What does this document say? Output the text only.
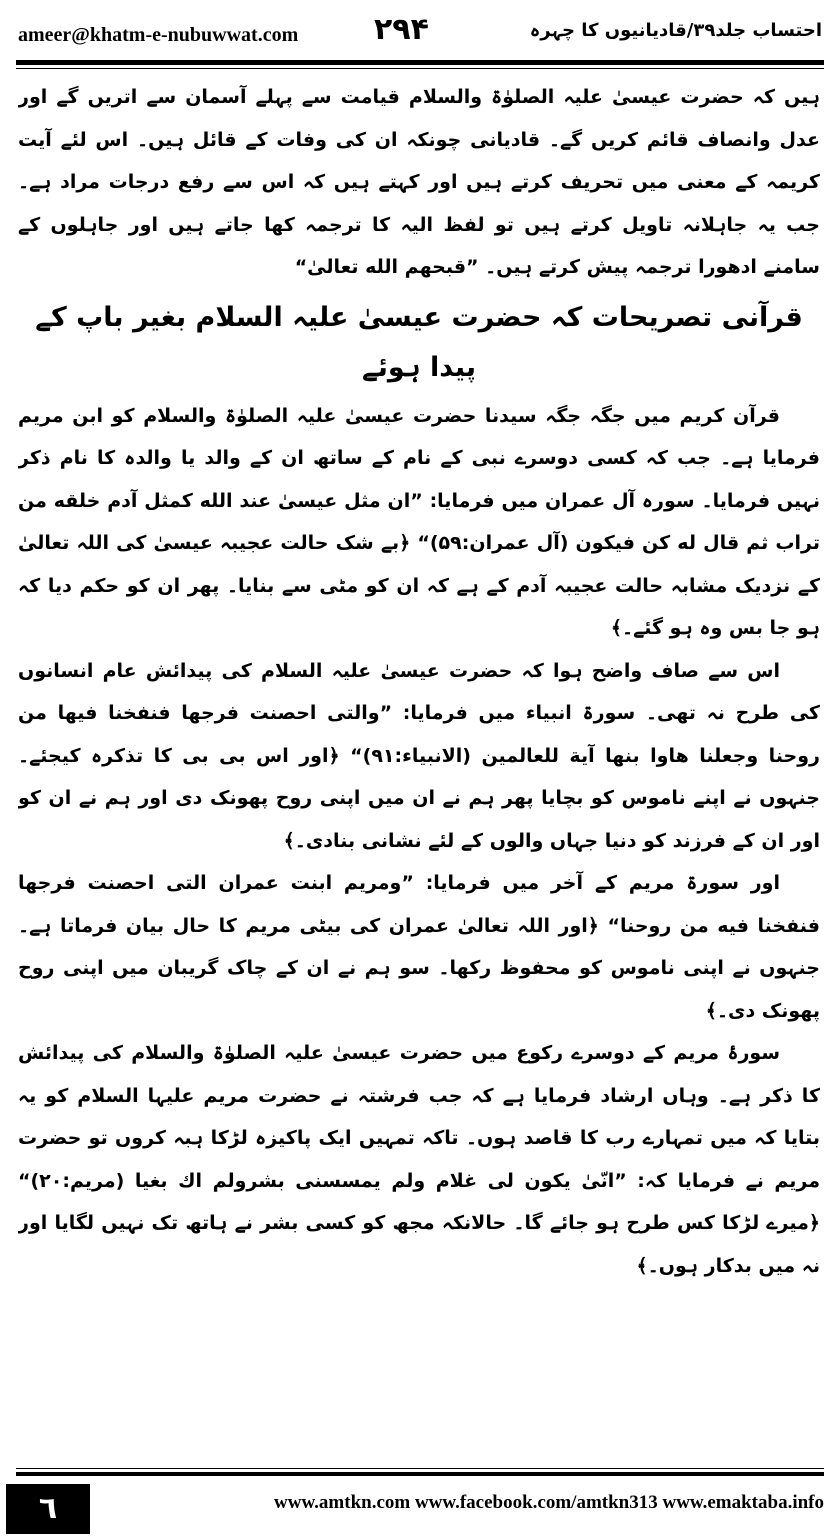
ameer@khatm-e-nubuwwat.com	۲۹۴	احتساب جلد۳۹/قادیانیوں کا چہرہ

ہیں کہ حضرت عیسیٰ علیہ الصلوٰۃ والسلام قیامت سے پہلے آسمان سے اتریں گے اور عدل وانصاف قائم کریں گے۔ قادیانی چونکہ ان کی وفات کے قائل ہیں۔ اس لئے آیت کریمہ کے معنی میں تحریف کرتے ہیں اور کہتے ہیں کہ اس سے رفع درجات مراد ہے۔ جب یہ جاہلانہ تاویل کرتے ہیں تو لفظ الیہ کا ترجمہ کھا جاتے ہیں اور جاہلوں کے سامنے ادھورا ترجمہ پیش کرتے ہیں۔ ”قبحهم الله تعالیٰ“

قرآنی تصریحات کہ حضرت عیسیٰ علیہ السلام بغیر باپ کے پیدا ہوئے

قرآن کریم میں جگہ جگہ سیدنا حضرت عیسیٰ علیہ الصلوٰۃ والسلام کو ابن مریم فرمایا ہے۔ جب کہ کسی دوسرے نبی کے نام کے ساتھ ان کے والد یا والدہ کا نام ذکر نہیں فرمایا۔ سورہ آل عمران میں فرمایا: ”ان مثل عیسیٰ عند الله کمثل آدم خلقه من تراب ثم قال له کن فیکون (آل عمران:۵۹)“ ﴿بے شک حالت عجیبہ عیسیٰ کی اللہ تعالیٰ کے نزدیک مشابہ حالت عجیبہ آدم کے ہے کہ ان کو مٹی سے بنایا۔ پھر ان کو حکم دیا کہ ہو جا بس وہ ہو گئے۔﴾

اس سے صاف واضح ہوا کہ حضرت عیسیٰ علیہ السلام کی پیدائش عام انسانوں کی طرح نہ تھی۔ سورۃ انبیاء میں فرمایا: ”والتی احصنت فرجها فنفخنا فیها من روحنا وجعلنا هاوا بنها آیة للعالمین (الانبیاء:۹۱)“ ﴿اور اس بی بی کا تذکرہ کیجئے۔ جنہوں نے اپنے ناموس کو بچایا پھر ہم نے ان میں اپنی روح پھونک دی اور ہم نے ان کو اور ان کے فرزند کو دنیا جہاں والوں کے لئے نشانی بنادی۔﴾

اور سورۃ مریم کے آخر میں فرمایا: ”ومریم ابنت عمران التی احصنت فرجها فنفخنا فیه من روحنا“ ﴿اور اللہ تعالیٰ عمران کی بیٹی مریم کا حال بیان فرماتا ہے۔ جنہوں نے اپنی ناموس کو محفوظ رکھا۔ سو ہم نے ان کے چاک گریبان میں اپنی روح پھونک دی۔﴾

سورۂ مریم کے دوسرے رکوع میں حضرت عیسیٰ علیہ الصلوٰۃ والسلام کی پیدائش کا ذکر ہے۔ وہاں ارشاد فرمایا ہے کہ جب فرشتہ نے حضرت مریم علیہا السلام کو یہ بتایا کہ میں تمہارے رب کا قاصد ہوں۔ تاکہ تمہیں ایک پاکیزہ لڑکا ہبہ کروں تو حضرت مریم نے فرمایا کہ: ”انّیٰ یکون لی غلام ولم یمسسنی بشرولم اك بغیا (مریم:۲۰)“ ﴿میرے لڑکا کس طرح ہو جائے گا۔ حالانکہ مجھ کو کسی بشر نے ہاتھ تک نہیں لگایا اور نہ میں بدکار ہوں۔﴾

٦	www.amtkn.com www.facebook.com/amtkn313 www.emaktaba.info
